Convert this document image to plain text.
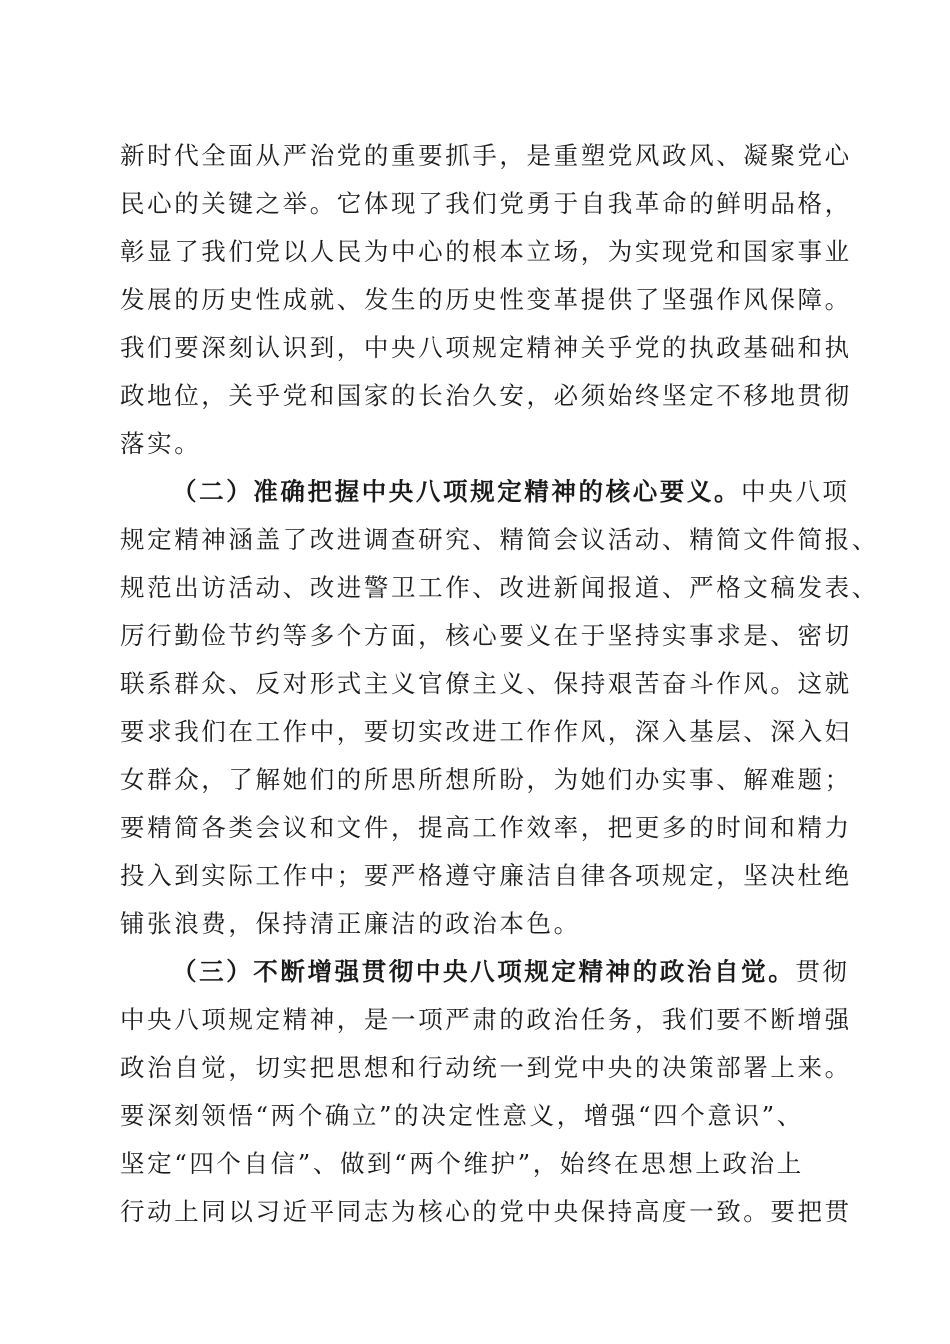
新时代全面从严治党的重要抓手，是重塑党风政风、凝聚党心
民心的关键之举。它体现了我们党勇于自我革命的鲜明品格，
彰显了我们党以人民为中心的根本立场，为实现党和国家事业
发展的历史性成就、发生的历史性变革提供了坚强作风保障。
我们要深刻认识到，中央八项规定精神关乎党的执政基础和执
政地位，关乎党和国家的长治久安，必须始终坚定不移地贯彻
落实。
（二）准确把握中央八项规定精神的核心要义。中央八项
规定精神涵盖了改进调查研究、精简会议活动、精简文件简报、
规范出访活动、改进警卫工作、改进新闻报道、严格文稿发表、
厉行勤俭节约等多个方面，核心要义在于坚持实事求是、密切
联系群众、反对形式主义官僚主义、保持艰苦奋斗作风。这就
要求我们在工作中，要切实改进工作作风，深入基层、深入妇
女群众，了解她们的所思所想所盼，为她们办实事、解难题；
要精简各类会议和文件，提高工作效率，把更多的时间和精力
投入到实际工作中；要严格遵守廉洁自律各项规定，坚决杜绝
铺张浪费，保持清正廉洁的政治本色。
（三）不断增强贯彻中央八项规定精神的政治自觉。贯彻
中央八项规定精神，是一项严肃的政治任务，我们要不断增强
政治自觉，切实把思想和行动统一到党中央的决策部署上来。
要深刻领悟“两个确立”的决定性意义，增强“四个意识”、
坚定“四个自信”、做到“两个维护”，始终在思想上政治上
行动上同以习近平同志为核心的党中央保持高度一致。要把贯
